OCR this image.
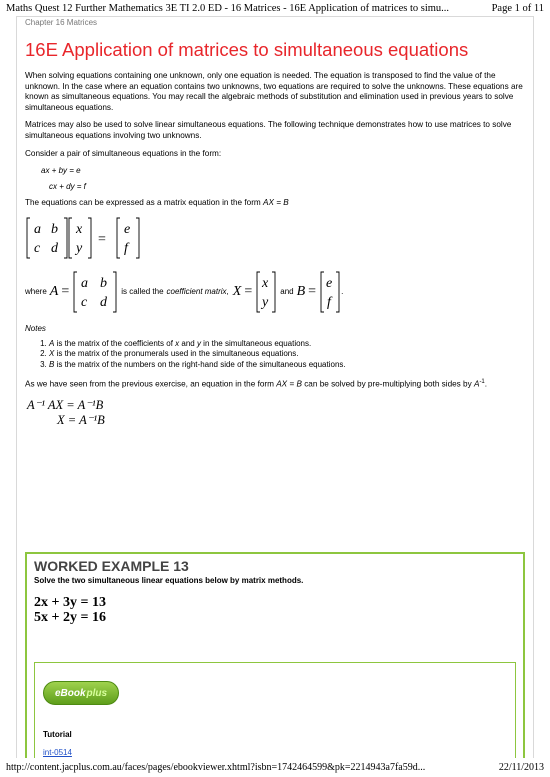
Maths Quest 12 Further Mathematics 3E TI 2.0 ED - 16 Matrices - 16E Application of matrices to simu...	Page 1 of 11
Chapter 16 Matrices
16E Application of matrices to simultaneous equations

When solving equations containing one unknown, only one equation is needed. The equation is transposed to find the value of the unknown. In the case where an equation contains two unknowns, two equations are required to solve the unknowns. These equations are known as simultaneous equations. You may recall the algebraic methods of substitution and elimination used in previous years to solve simultaneous equations.

Matrices may also be used to solve linear simultaneous equations. The following technique demonstrates how to use matrices to solve simultaneous equations involving two unknowns.

Consider a pair of simultaneous equations in the form:

ax + by = e
cx + dy = f

The equations can be expressed as a matrix equation in the form AX = B

a b
c d
x
y
e
f
=
where A =
a b
c d
is called the coefficient matrix , X =
x
y
and B =
e
f
.
Notes
1. A is the matrix of the coefficients of x and y in the simultaneous equations.
2. X is the matrix of the pronumerals used in the simultaneous equations.
3. B is the matrix of the numbers on the right-hand side of the simultaneous equations.

As we have seen from the previous exercise, an equation in the form AX = B can be solved by pre-multiplying both sides by $A^{-1}$.

A⁻¹ AX = A⁻¹B
X = A⁻¹B
WORKED EXAMPLE 13
Solve the two simultaneous linear equations below by matrix methods.
2x + 3y = 13
5x + 2y = 16
eBook plus
Tutorial
int-0514
http://content.jacplus.com.au/faces/pages/ebookviewer.xhtml?isbn=1742464599&pk=2214943a7fa59d...	22/11/2013
